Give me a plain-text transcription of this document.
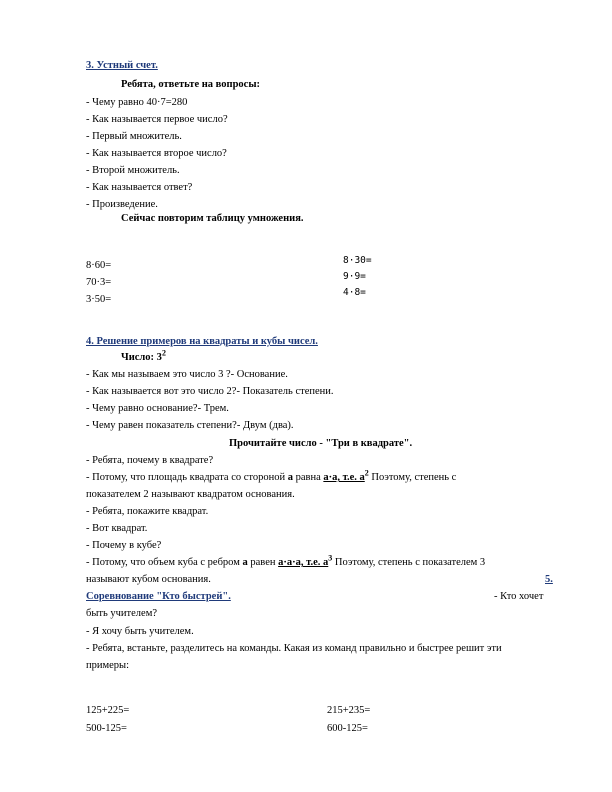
3. Устный счет.
Ребята, ответьте на вопросы:
- Чему равно 40·7=280
- Как называется первое число?
- Первый множитель.
- Как называется второе число?
- Второй множитель.
- Как называется ответ?
- Произведение.
Сейчас повторим таблицу умножения.
8·60=
70·3=
3·50=
8·30=
9·9=
4·8=
4. Решение примеров на квадраты и кубы чисел.
Число: $3^2$
- Как мы называем это число 3 ?- Основание.
- Как называется вот это число 2?- Показатель степени.
- Чему равно основание?- Трем.
- Чему равен показатель степени?- Двум (два).
Прочитайте число - "Три в квадрате".
- Ребята, почему в квадрате?
- Потому, что площадь квадрата со стороной а равна а·а, т.е. $а^2$ Поэтому, степень с
показателем 2 называют квадратом основания.
- Ребята, покажите квадрат.
- Вот квадрат.
- Почему в кубе?
- Потому, что объем куба с ребром а равен а·а·а, т.е. $а^3$ Поэтому, степень с показателем 3
называют кубом основания.	5.
Соревнование "Кто быстрей".	- Кто хочет
быть учителем?
- Я хочу быть учителем.
- Ребята, встаньте, разделитесь на команды. Какая из команд правильно и быстрее решит эти
примеры:
125+225=
500-125=
215+235=
600-125=
